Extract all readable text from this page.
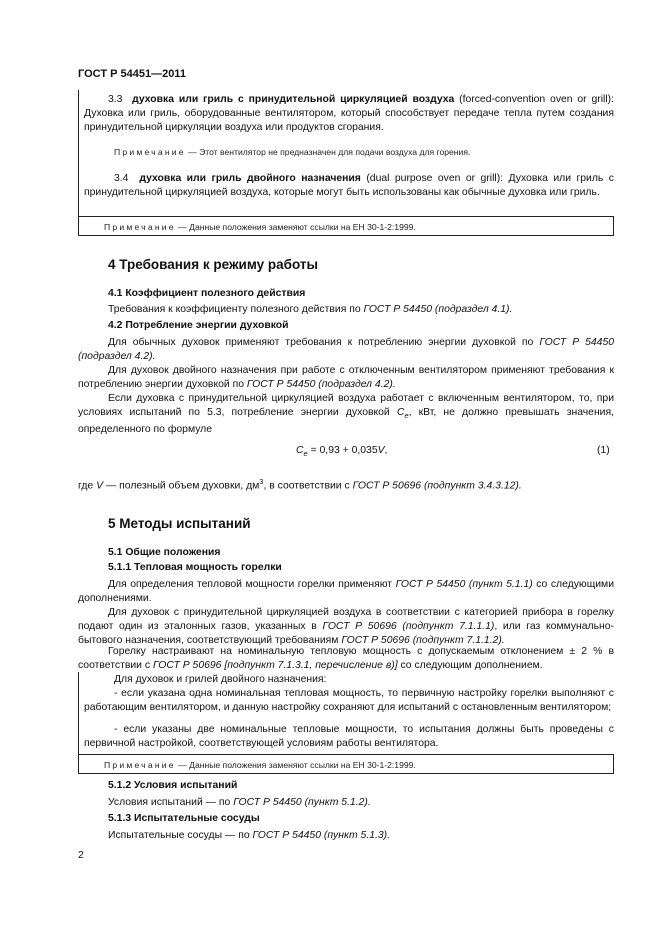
ГОСТ Р 54451—2011

3.3 духовка или гриль с принудительной циркуляцией воздуха (forced-convention oven or grill): Духовка или гриль, оборудованные вентилятором, который способствует передаче тепла путем создания принудительной циркуляции воздуха или продуктов сгорания.

Примечание — Этот вентилятор не предназначен для подачи воздуха для горения.

3.4 духовка или гриль двойного назначения (dual purpose oven or grill): Духовка или гриль с принудительной циркуляцией воздуха, которые могут быть использованы как обычные духовка или гриль.

Примечание — Данные положения заменяют ссылки на ЕН 30-1-2:1999.

4 Требования к режиму работы
4.1 Коэффициент полезного действия

Требования к коэффициенту полезного действия по ГОСТ Р 54450 (подраздел 4.1).

4.2 Потребление энергии духовкой

Для обычных духовок применяют требования к потреблению энергии духовкой по ГОСТ Р 54450 (подраздел 4.2).

Для духовок двойного назначения при работе с отключенным вентилятором применяют требования к потреблению энергии духовкой по ГОСТ Р 54450 (подраздел 4.2).

Если духовка с принудительной циркуляцией воздуха работает с включенным вентилятором, то, при условиях испытаний по 5.3, потребление энергии духовкой $C_e$, кВт, не должно превышать значения, определенного по формуле

$C_e = 0,93 + 0,035V$,	(1)

где V — полезный объем духовки, $дм^3$, в соответствии с ГОСТ Р 50696 (подпункт 3.4.3.12).

5 Методы испытаний
5.1 Общие положения
5.1.1 Тепловая мощность горелки

Для определения тепловой мощности горелки применяют ГОСТ Р 54450 (пункт 5.1.1) со следующими дополнениями.

Для духовок с принудительной циркуляцией воздуха в соответствии с категорией прибора в горелку подают один из эталонных газов, указанных в ГОСТ Р 50696 (подпункт 7.1.1.1), или газ коммунально-бытового назначения, соответствующий требованиям ГОСТ Р 50696 (подпункт 7.1.1.2).

Горелку настраивают на номинальную тепловую мощность с допускаемым отклонением ± 2 % в соответствии с ГОСТ Р 50696 [подпункт 7.1.3.1, перечисление в)] со следующим дополнением.

Для духовок и грилей двойного назначения:

- если указана одна номинальная тепловая мощность, то первичную настройку горелки выполняют с работающим вентилятором, и данную настройку сохраняют для испытаний с остановленным вентилятором;

- если указаны две номинальные тепловые мощности, то испытания должны быть проведены с первичной настройкой, соответствующей условиям работы вентилятора.

Примечание — Данные положения заменяют ссылки на ЕН 30-1-2:1999.

5.1.2 Условия испытаний

Условия испытаний — по ГОСТ Р 54450 (пункт 5.1.2).

5.1.3 Испытательные сосуды

Испытательные сосуды — по ГОСТ Р 54450 (пункт 5.1.3).

2
